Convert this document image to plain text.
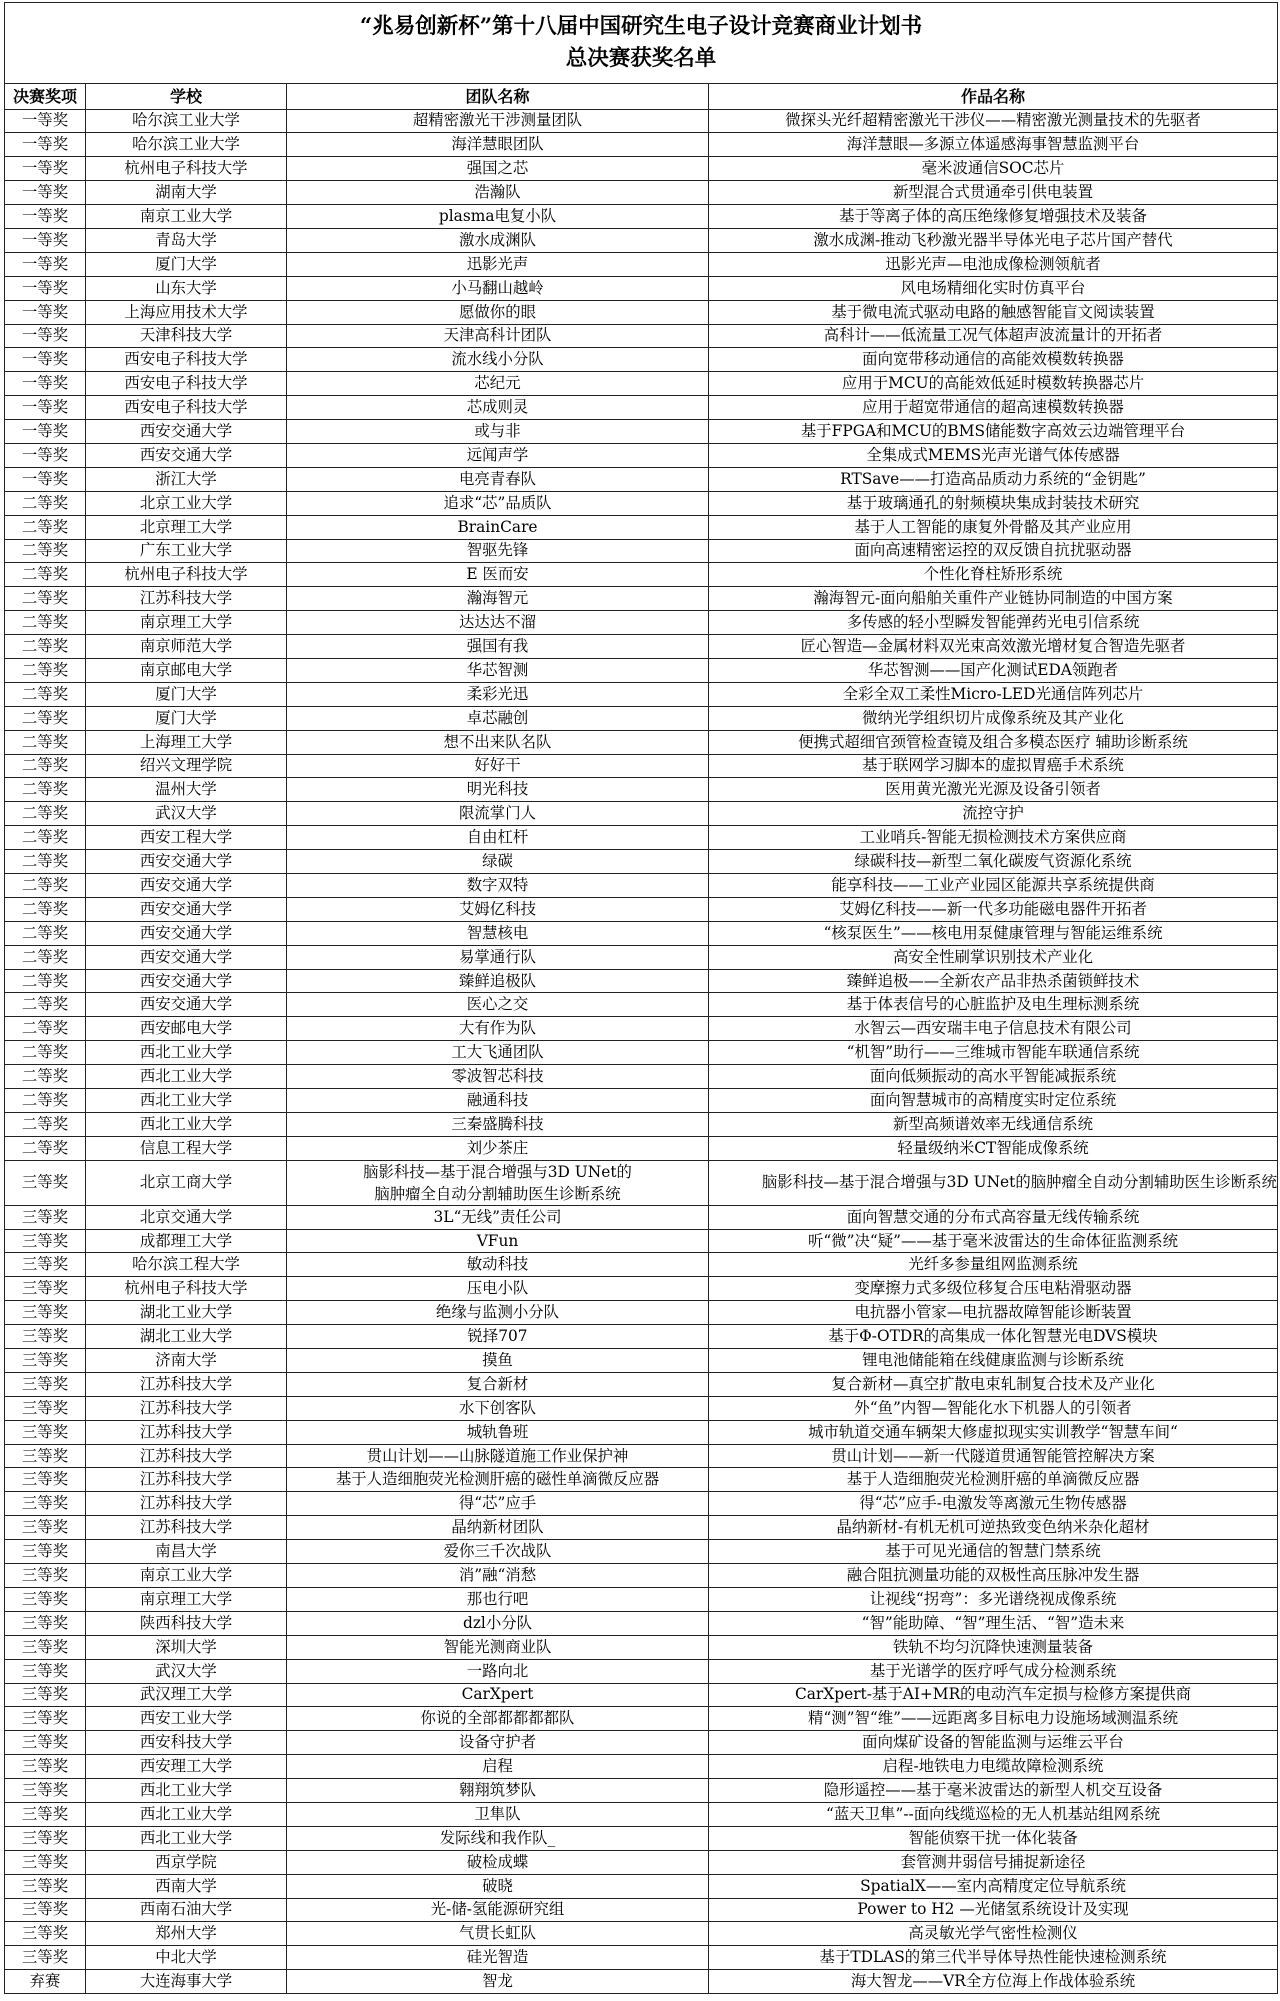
“兆易创新杯”第十八届中国研究生电子设计竞赛商业计划书
总决赛获奖名单			

决赛奖项	学校	团队名称	作品名称
一等奖	哈尔滨工业大学	超精密激光干涉测量团队	微探头光纤超精密激光干涉仪——精密激光测量技术的先驱者
一等奖	哈尔滨工业大学	海洋慧眼团队	海洋慧眼—多源立体遥感海事智慧监测平台
一等奖	杭州电子科技大学	强国之芯	毫米波通信SOC芯片
一等奖	湖南大学	浩瀚队	新型混合式贯通牵引供电装置
一等奖	南京工业大学	plasma电复小队	基于等离子体的高压绝缘修复增强技术及装备
一等奖	青岛大学	激水成渊队	激水成渊-推动飞秒激光器半导体光电子芯片国产替代
一等奖	厦门大学	迅影光声	迅影光声—电池成像检测领航者
一等奖	山东大学	小马翻山越岭	风电场精细化实时仿真平台
一等奖	上海应用技术大学	愿做你的眼	基于微电流式驱动电路的触感智能盲文阅读装置
一等奖	天津科技大学	天津高科计团队	高科计——低流量工况气体超声波流量计的开拓者
一等奖	西安电子科技大学	流水线小分队	面向宽带移动通信的高能效模数转换器
一等奖	西安电子科技大学	芯纪元	应用于MCU的高能效低延时模数转换器芯片
一等奖	西安电子科技大学	芯成则灵	应用于超宽带通信的超高速模数转换器
一等奖	西安交通大学	或与非	基于FPGA和MCU的BMS储能数字高效云边端管理平台
一等奖	西安交通大学	远闻声学	全集成式MEMS光声光谱气体传感器
一等奖	浙江大学	电亮青春队	RTSave——打造高品质动力系统的“金钥匙”
二等奖	北京工业大学	追求“芯”品质队	基于玻璃通孔的射频模块集成封装技术研究
二等奖	北京理工大学	BrainCare	基于人工智能的康复外骨骼及其产业应用
二等奖	广东工业大学	智驱先锋	面向高速精密运控的双反馈自抗扰驱动器
二等奖	杭州电子科技大学	E 医而安	个性化脊柱矫形系统
二等奖	江苏科技大学	瀚海智元	瀚海智元-面向船舶关重件产业链协同制造的中国方案
二等奖	南京理工大学	达达达不溜	多传感的轻小型瞬发智能弹药光电引信系统
二等奖	南京师范大学	强国有我	匠心智造—金属材料双光束高效激光增材复合智造先驱者
二等奖	南京邮电大学	华芯智测	华芯智测——国产化测试EDA领跑者
二等奖	厦门大学	柔彩光迅	全彩全双工柔性Micro-LED光通信阵列芯片
二等奖	厦门大学	卓芯融创	微纳光学组织切片成像系统及其产业化
二等奖	上海理工大学	想不出来队名队	便携式超细官颈管检查镜及组合多模态医疗 辅助诊断系统
二等奖	绍兴文理学院	好好干	基于联网学习脚本的虚拟胃癌手术系统
二等奖	温州大学	明光科技	医用黄光激光光源及设备引领者
二等奖	武汉大学	限流掌门人	流控守护
二等奖	西安工程大学	自由杠杆	工业哨兵-智能无损检测技术方案供应商
二等奖	西安交通大学	绿碳	绿碳科技—新型二氧化碳废气资源化系统
二等奖	西安交通大学	数字双特	能享科技——工业产业园区能源共享系统提供商
二等奖	西安交通大学	艾姆亿科技	艾姆亿科技——新一代多功能磁电器件开拓者
二等奖	西安交通大学	智慧核电	“核泵医生”——核电用泵健康管理与智能运维系统
二等奖	西安交通大学	易掌通行队	高安全性刷掌识别技术产业化
二等奖	西安交通大学	臻鲜追极队	臻鲜追极——全新农产品非热杀菌锁鲜技术
二等奖	西安交通大学	医心之交	基于体表信号的心脏监护及电生理标测系统
二等奖	西安邮电大学	大有作为队	水智云—西安瑞丰电子信息技术有限公司
二等奖	西北工业大学	工大飞通团队	“机智”助行——三维城市智能车联通信系统
二等奖	西北工业大学	零波智芯科技	面向低频振动的高水平智能减振系统
二等奖	西北工业大学	融通科技	面向智慧城市的高精度实时定位系统
二等奖	西北工业大学	三秦盛腾科技	新型高频谱效率无线通信系统
二等奖	信息工程大学	刘少茶庄	轻量级纳米CT智能成像系统
三等奖	北京工商大学	脑影科技—基于混合增强与3D UNet的
脑肿瘤全自动分割辅助医生诊断系统	脑影科技—基于混合增强与3D UNet的脑肿瘤全自动分割辅助医生诊断系统
三等奖	北京交通大学	3L“无线”责任公司	面向智慧交通的分布式高容量无线传输系统
三等奖	成都理工大学	VFun	听“微”决“疑”——基于毫米波雷达的生命体征监测系统
三等奖	哈尔滨工程大学	敏动科技	光纤多参量组网监测系统
三等奖	杭州电子科技大学	压电小队	变摩擦力式多级位移复合压电粘滑驱动器
三等奖	湖北工业大学	绝缘与监测小分队	电抗器小管家—电抗器故障智能诊断装置
三等奖	湖北工业大学	锐择707	基于Φ-OTDR的高集成一体化智慧光电DVS模块
三等奖	济南大学	摸鱼	锂电池储能箱在线健康监测与诊断系统
三等奖	江苏科技大学	复合新材	复合新材—真空扩散电束轧制复合技术及产业化
三等奖	江苏科技大学	水下创客队	外“鱼”内智—智能化水下机器人的引领者
三等奖	江苏科技大学	城轨鲁班	城市轨道交通车辆架大修虚拟现实实训教学“智慧车间“
三等奖	江苏科技大学	贯山计划——山脉隧道施工作业保护神	贯山计划——新一代隧道贯通智能管控解决方案
三等奖	江苏科技大学	基于人造细胞荧光检测肝癌的磁性单滴微反应器	基于人造细胞荧光检测肝癌的单滴微反应器
三等奖	江苏科技大学	得“芯”应手	得“芯”应手-电激发等离激元生物传感器
三等奖	江苏科技大学	晶纳新材团队	晶纳新材-有机无机可逆热致变色纳米杂化超材
三等奖	南昌大学	爱你三千次战队	基于可见光通信的智慧门禁系统
三等奖	南京工业大学	消”融“消愁	融合阻抗测量功能的双极性高压脉冲发生器
三等奖	南京理工大学	那也行吧	让视线“拐弯”：多光谱绕视成像系统
三等奖	陕西科技大学	dzl小分队	“智”能助障、“智”理生活、“智”造未来
三等奖	深圳大学	智能光测商业队	铁轨不均匀沉降快速测量装备
三等奖	武汉大学	一路向北	基于光谱学的医疗呼气成分检测系统
三等奖	武汉理工大学	CarXpert	CarXpert-基于AI+MR的电动汽车定损与检修方案提供商
三等奖	西安工业大学	你说的全部都都都都队	精“测”智“维”——远距离多目标电力设施场域测温系统
三等奖	西安科技大学	设备守护者	面向煤矿设备的智能监测与运维云平台
三等奖	西安理工大学	启程	启程-地铁电力电缆故障检测系统
三等奖	西北工业大学	翱翔筑梦队	隐形遥控——基于毫米波雷达的新型人机交互设备
三等奖	西北工业大学	卫隼队	“蓝天卫隼”--面向线缆巡检的无人机基站组网系统
三等奖	西北工业大学	发际线和我作队_	智能侦察干扰一体化装备
三等奖	西京学院	破检成蝶	套管测井弱信号捕捉新途径
三等奖	西南大学	破晓	SpatialX——室内高精度定位导航系统
三等奖	西南石油大学	光-储-氢能源研究组	Power to H2 —光储氢系统设计及实现
三等奖	郑州大学	气贯长虹队	高灵敏光学气密性检测仪
三等奖	中北大学	硅光智造	基于TDLAS的第三代半导体导热性能快速检测系统
弃赛	大连海事大学	智龙	海大智龙——VR全方位海上作战体验系统
